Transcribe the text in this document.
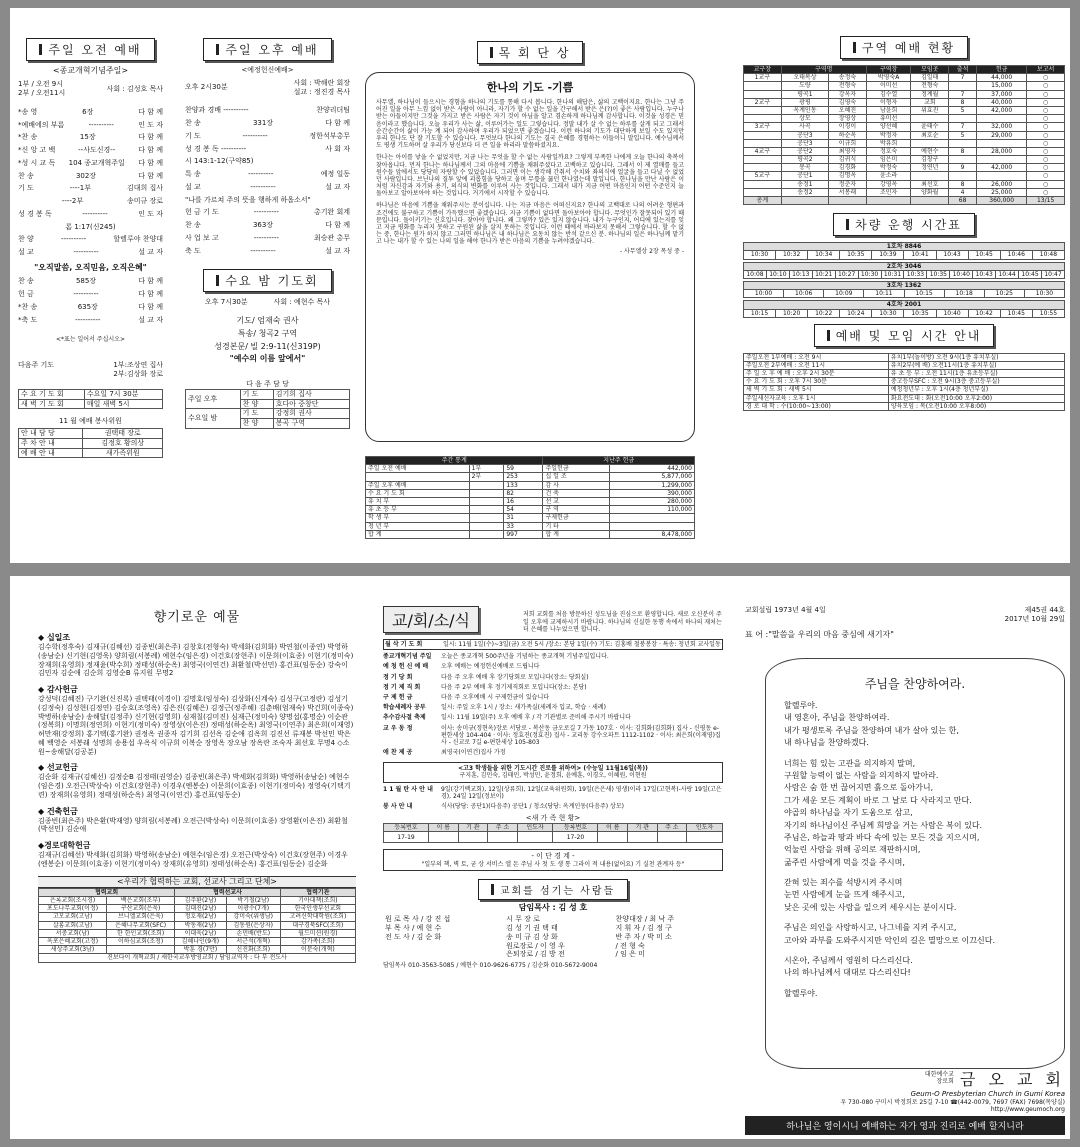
주일 오전 예배
<종교개혁기념주일>
1부 / 오전 9시
2부 / 오전11시
사회 : 김성호 목사
*송 영	6장	다 함 께
*예배에의 부름	----------	인 도 자
*찬 송	15장	다 함 께
*신 앙 고 백	--사도신경--	다 함 께
*성 시 교 독 104 종교개혁주일 다 함 께
찬 송	302장	다 함 께
기 도	----1부	김대희 집사
----2부	송미규 장로
성 경 봉 독	----------	인 도 자
롬 1:17(신245)
찬 양	----------	할렐루야 찬양대
설 교	----------	설 교 자
"오직말씀, 오직믿음, 오직은혜"
찬 송	585장	다 함 께
헌 금	----------	다 함 께
*찬 송	635장	다 함 께
*축 도	----------	설 교 자
<*표는 일어서 주십시오>
다음주 기도	1부:조상연 집사
2부:김상화 장로
수 요 기 도 회	수요일 7시 30분
새 벽 기 도 회	매일 새벽 5시
11 월 예배 봉사위원
안 내 담 당	권택태 장로
주 차 안 내	김정호 황의상
예 배 안 내	새가족위원
주일 오후 예배
<예정헌신예배>
오후 2시30분
사회 : 박해란 회장
설교 : 정진경 목사
찬양과 경배 ----------	찬양리더팀
찬 송	331장	다 함 께
기 도	----------	정한석부총무
성 경 봉 독 ----------	사 회 자
시 143:1-12(구약85)
특 송	----------	예정 일동
설 교	----------	설 교 자
"나를 가르쳐 주의 뜻을 행하게 하옵소서"
헌 금 기 도	----------	총기완 회계
찬 송	363장	다 함 께
사 업 보 고	----------	최승관 총무
축 도	----------	설 교 자
수요 밤 기도회
오후 7시30분	사회 : 예현수 목사
기도/ 엄재숙 권사
특송/ 청곡2 구역
성경본문/ 빌 2:9-11(신319P)
"예수의 이름 앞에서"
다 음 주 담 당
주일 오후	기 도	김기희 집사
	찬 양	호다아 중창단
수요일 밤	기 도	강정희 권사
	찬 양	봉곡 구역
목 회 단 상
한나의 기도 -기쁨

사무엘, 하나님이 들으시는 경험을 하나의 기도를 통해 다시 봅니다. 한나의 해답은, 삶의 고백이지요. 한나는 그냥 주어진 일을 아무 느낌 없이 받은 사람이 아니라, 자기가 할 수 없는 일을 간구해서 받은 은(?)이 좋은 사람입니다. 누구나 받는 아들이지만 그것을 가지고 받은 사람은 자기 것이 아님을 알고 겸손하게 하나님께 감사합니다. 이것을 성경은 믿음이라고 했습니다. 오늘 우리가 사는 삶, 이루어가는 일도 그렇습니다. 정말 내가 살 수 없는 하루를 살게 되고 그래서 순간순간이 삶이 가능 계 되어 감사하며 우리가 되었으면 좋겠습니다. 이런 하나의 기도가 대단하게 보일 수도 있지만 우리 한나도 단 잘 기도할 수 있습니다. 무엇보다 한나의 기도는 결국 은혜를 경험하는 이들이니 말입니다. 예수님께서도 평생 기도하며 살 우리가 당신보다 더 큰 일을 하리라 말씀하셨지요.

한나는 아이를 낳을 수 없었지만, 지금 나는 무엇을 할 수 없는 사람일까요? 그렇게 부족한 나에게 오늘 한나의 축복이 찾아옵니다. 먼저 한나는 하나님께서 그의 마음에 기쁨을 채워주셨다고 고백하고 있습니다. 그래서 이 제 열매를 들고 원수들 앞에서도 당당히 자랑할 수 있었습니다. 그러면 이는 생각해 간취서 수치와 좌의식에 얼굴을 들고 다닐 수 없었던 사람입니다. 브닌나의 질투 앞에 괴롭힘을 당하고 울며 무릎을 꿇던 한나였는데 말입니다. 한나님을 만난 사람은 이처럼 자신감과 자기와 용기, 의식의 변화를 이루어 사는 것입니다. 그래서 내가 지금 어떤 마음인지 어떤 수준인지 늘 돌아보고 알아보아야 하는 것입니다. 거기에서 시작할 수 있습니다.

하나님은 마음에 기쁨을 채워주시는 분이십니다. 나는 지금 마음은 어떠신지요? 한나의 고백대로 나의 어려운 형편과 조건에도 불구하고 기쁨이 가득했으면 좋겠습니다. 지금 기쁨이 없다면 돌아보아야 합니다. 무엇인가 잘못되어 있기 때문입니다. 돌이키기는 신호입니다. 찾아야 합니다. 왜 그렇까? 있은 있지 않습니다. 내가 누구인지, 어디에 있는지를 잊고 지금 평화를 누리지 못하고 구원된 삶을 살지 못하는 것입니다. 이런 때에서 바라보지 못해서 그렇습니다. 할 수 없는 중, 한나는 원가 하지 않고 그러면 하나님은 내 하나님은 요동치 않는 반석 같으신 분. 하나님의 일은 하나님께 맡기고 나는 내가 할 수 있는 나의 일을 해야 한나가 받은 마음의 기쁨을 누려야겠습니다.

- 사무엘상 2장 목성 중 -
주간 통계			지난주 헌금	
주일 오전 예배	1부	59	주일헌금	442,000
	2부	253	십 일 조	5,877,000
주일 오후 예배		133	감 사	1,299,000
수 요 기 도 회		82	건 축	390,000
유 치 부		16	선 교	280,000
유 초 등 부		54	구 역	110,000
학 생 부		31	구제헌금	
청 년 부		33	기 타	
합 계		997	합 계	8,478,000
구역 예배 현황
교구장	구역명		구역장	모임곳	출석	헌금	보고서
1교구	오태복상	송정숙	박영숙A	김일태	7	44,000	○
	도량	전형숙	이미선	전형숙		15,000	○
	평곡1	강옥자	김수열	정계월	7	37,000	○
2교구	광평	김영숙	이형자	교회	8	40,000	○
	옥계인동	오혜진	남윤희	위효진	5	42,000	○
	상모	장영상	유미선				○
3교구	사곡	이경이	양선혜	윤태수	7	32,000	○
	공단3	하순옥	박정자	최호순	5	29,000	○
	공단3	이규희	박유희				○
4교구	공단2	최영자	정호숙	예현수	8	28,000	○
	평곡2	김귀식	임은미	김창구			○
	봉곡	김경화	박정숙	정연년	9	42,000	○
5교구	공단1	김명옥	윤소라				○
	송정1	정춘자	강영옥	최선호	8	26,000	○
	송정2	서봉래	조민자	양화월	4	25,000	○
총계					68	360,000	13/15
차량 운행 시간표
1호차 8846
10:30	10:32	10:34	10:35	10:39	10:41	10:43	10:45	10:46	10:48
2호차 3046
10:08	10:10	10:13	10:21	10:27	10:30	10:31	10:33	10:35	10:40	10:43	10:44	10:45	10:47
3호차 1362
10:00	10:06	10:09	10:11	10:15	10:18	10:25	10:30
4호차 2001
10:15	10:20	10:22	10:24	10:30	10:35	10:40	10:42	10:45	10:55
예배 및 모임 시간 안내
주일오전 1부예배 : 오전 9시	유치1부(놀이방) 오전 9시(1층 유치부실)
주일오전 2부예배 : 오전 11시	유치2부(예 배) 오전11시(1층 유치부실)
주 일 오 후 예 배 : 오후 2시 30분	유 초 등 부 : 오전 11시(1층 유초등부실)
수 요 기 도 회 : 오후 7시 30분	중고등부SFC : 오전 9시(3층 중고등부실)
새 벽 기 도 회 : 새벽 5시	예청청년부 : 오후 1시(4층 청년부실)
주일새신자교육 : 오후 1시	화요전도대 : 화(오전10:00 오후2:00)
경 로 대 학 : 수(10:00~13:00)	양육모임 : 목(오전10:00 오후8:00)
향기로운 예물
◆ 십일조
김수학(정후숙) 김재규(김혜선) 김종빈(최은주) 김창호(전형숙) 박세화(김희화) 박연철(이종연) 박영하(송남순) 신기현(김영욱) 양희림(서봉례) 예현수(임은경) 이건호(장현주) 이문희(이효종) 이현기(정미숙) 장재희(유영희) 정재윤(박수희) 정태성(하순옥) 최영국(이연건) 최환철(박선민) 홍건표(임동순) 강숙이 김민자 김순애 김순희 김영순B 류지원 무명2
◆ 감사헌금
강성덕(김혜진) 구기완(신진록) 권택태(이경이) 김명호(임성숙) 김상화(신계숙) 김성구(고정란) 김성기(김정숙) 김성현(김정연) 김승호(조영옥) 김은진(김혜은) 김정근(정주혜) 김춘배(엄재숙) 박건희(이종숙) 박병하(송남순) 송해달(김정주) 신기현(김영희) 심재칠(김미진) 심재근(정미숙) 양명섭(홍명순) 이순관(정복희) 이명희(정연희) 이현기(정미숙) 장영상(이은진) 정태성(하순옥) 최영국(이연주) 최은희(이재영) 허만재(강정희) 홍기택(홍기완) 권정옥 권종자 김기희 김선옥 김순애 김옥희 김진선 류재봉 박선민 박은혜 백영순 서봉래 성명희 송용섭 우옥식 이규희 이복순 장영옥 장오남 장옥란 조숙자 최선호 무명4 ◇소원~송해달(김공분)
◆ 선교헌금
김순화 김재규(김혜선) 김정순B 김정태(권영순) 김종빈(최은주) 박세화(김희화) 박영하(송남순) 예현수(임은경) 오전근(박상숙) 이건호(장현주) 이경우(엔봉순) 이문희(이효종) 이현기(정미숙) 정영숙(기택기련) 장재희(유영희) 정태성(하순옥) 최영국(이연건) 홍건표(임동순)
◆ 건축헌금
김종빈(최은주) 박은환(박재영) 양희림(서봉례) 오전근(박상숙) 이문희(이효종) 장영환(이은진) 최환철(박선민) 김순애
◆경로대학헌금
김재규(김혜선) 박세화(김희화) 박영하(송남순) 예현수(임은경) 오전근(박상숙) 이건호(장현주) 이경우(엔봉순) 이문희(이효종) 이현기(정미숙) 장재희(유영희) 정태성(하순옥) 홍건표(임동순) 김순화
<우리가 협력하는 교회, 선교사 그리고 단체>
협력교회		협력선교사		협력기관
은록교회(조시경)	백은교회(조부)	김주환(2남)	박기철(2남)	기아대책(조희)
포도나무교회(이정)	구산교회(은욱)	김대진(2남)	이광수(7개)	한국인생부선교회
고모교회(고남)	브니엘교회(은욱)	정호재(2남)	강미숙(위생남)	고려신학대학원(조희)
살롬교회(고남)	은혜나무교회(SFC)	박동재(2남)	김동원(은상자)	대구경북SFC(조희)
서중교회(남)	한 한인교회(조희)	이대욱(2남)	손민배(반도)	월드미션(원경)
옥포은혜교회(고정)	이하심교회(조청)	김혜나인(9개)	서근석(개혁)	감가족(조희)
새상주교회(3남)		박훈 경(7만)	신진화(조희)	이문숙(개혁)
진보다이 개혁교회 / 새한국교우방영교회 / 담임교역자 : 다 부 전도사
교/회/소/식	저희 교회를 처음 방문하신 성도님을 진심으로 환영합니다. 새로 오신분이 주일 오후에 교제하시기 바랍니다. 하나님의 신실한 동행 속에서 하나의 재처는 더 은혜를 나누었으면 합니다.
월 삭 기 도 회	일시: 11월 1일(수)~3일(금) 오전 5시 /장소: 본당 1일(수) 기도: 김홍배 철붕봉장 · 특송: 청년회 교사일동
종교개혁기념 주일	오늘은 종교개혁 500주년을 기념하는 종교개혁 기념주일입니다.
예 청 헌 신 예 배	오후 예배는 예정헌신예배로 드립니다
정 기 당 회	다음 주 오후 예배 후 장기당회로 모입니다(장소: 당회실)
정 기 제 직 회	다음 주 2부 예배 후 정기제직회로 모입니다(장소: 본당)
구 제 헌 금	다음 주 오후예배 시 구제헌금이 있습니다
학습세례자 공부	일시: 주일 오후 1시 / 장소: 새가족실(세례자 입교, 학습 · 세례)
추수감사절 축제	일시: 11월 19일(주) 오후 예배 후 / 각 기관별로 준비해 주시기 바랍니다
교 우 동 정	이사: 송미규(정현옥)장로 서당로 - 복산동 금오로길 7 가동 107호 · 이사: 김희화(김희화) 집사 - 신평동 e-편한세상 104-404 · 이사: 정효진(정효진) 집사 - 교리동 강수오파트 1112-1102 · 이사: 최은희(이재영)집사 - 신교로 7길 e-편한세상 105-803
애 찬 제 공	최영국(이연건)집사 가정
<고3 학생들을 위한 기도시간 진로를 위하여> (수능일 11월16일(목))
구지훈, 김민숙, 김태민, 박성민, 윤정희, 윤예훈, 이경오, 이혜원, 이현원
1 1 월 탄 사 안 내	9일(강기백교회), 12일(상류희), 12일(교육위원회), 19일(은은새) 영생)이라 17일(고현복)-사랑 19일(고은경), 24일 12일(정보이)
봉 사 안 내	식사(당당: 공단1)(다음주) 공단1 / 청소(당당: 옥계인동(다음주) 상모)
<새 가 족 현 황>
등록번호	이 름	기 관	주 소	인도자	등록번호	이 름	기 관	주 소	인도자
17-19					17-20				
- 이 단 경 계 -
"일부의 책, 벽 토, 굳 상 서비스 엘 돈 주님 사 첫 도 생 통 그라이 적 내용(없어요) 기 실천 관계자 등"
교회를 섬기는 사람들
담임목사 : 김 성 호
원 로 목 사 / 강 진 섭	시 무 장 로	찬양대장 / 최 낙 주
부 목 사 / 예 현 수	김 성 기 권 택 태	지 휘 자 / 김 정 구
전 도 사 / 김 순 화	송 미 규 김 상 화	반 주 자 / 박 미 소
	원로장로 / 이 영 우	/ 전 형 숙
	은퇴장로 / 김 방 전	/ 임 은 미
담임목사 010-3563-5085 / 예현수 010-9626-6775 / 김순화 010-5672-9004
교회설립 1973년 4월 4일	제45권 44호
2017년 10월 29일
표 어 :"말씀을 우리의 마음 중심에 새기자"
주님을 찬양하여라.
할렐루야.
내 영혼아, 주님을 찬양하여라.
내가 평생토록 주님을 찬양하며 내가 살아 있는 한,
내 하나님을 찬양하겠다.
너희는 힘 있는 고관을 의지하지 말며,
구원할 능력이 없는 사람을 의지하지 말아라.
사람은 숨 한 번 끊어지면 흙으로 돌아가니,
그가 세운 모든 계획이 바로 그 날로 다 사라지고 만다.
야곱의 하나님을 자기 도움으로 삼고,
자기의 하나님이신 주님께 희망을 거는 사람은 복이 있다.
주님은, 하늘과 땅과 바다 속에 있는 모든 것을 지으시며,
억눌린 사람을 위해 공의로 재판하시며,
굶주린 사람에게 먹을 것을 주시며,
갇혀 있는 죄수를 석방시켜 주시며
눈먼 사람에게 눈을 뜨게 해주시고,
낮은 곳에 있는 사람을 일으켜 세우시는 분이시다.
주님은 의인을 사랑하시고, 나그네를 지켜 주시고,
고아와 과부를 도와주시지만 악인의 길은 멸망으로 이끄신다.
시온아, 주님께서 영원히 다스리신다.
나의 하나님께서 대대로 다스리신다!
할렐루야.
대한예수교 장로회 금 오 교 회
Geum-O Presbyterian Church in Gumi Korea
우 730-080 구미시 박정희로 25길 7-10 ☎(442-0079, 7697 (FAX) 7698(목양실)
http://www.geumoch.org
하나님은 영이시니 예배하는 자가 영과 진리로 예배 할지니라
